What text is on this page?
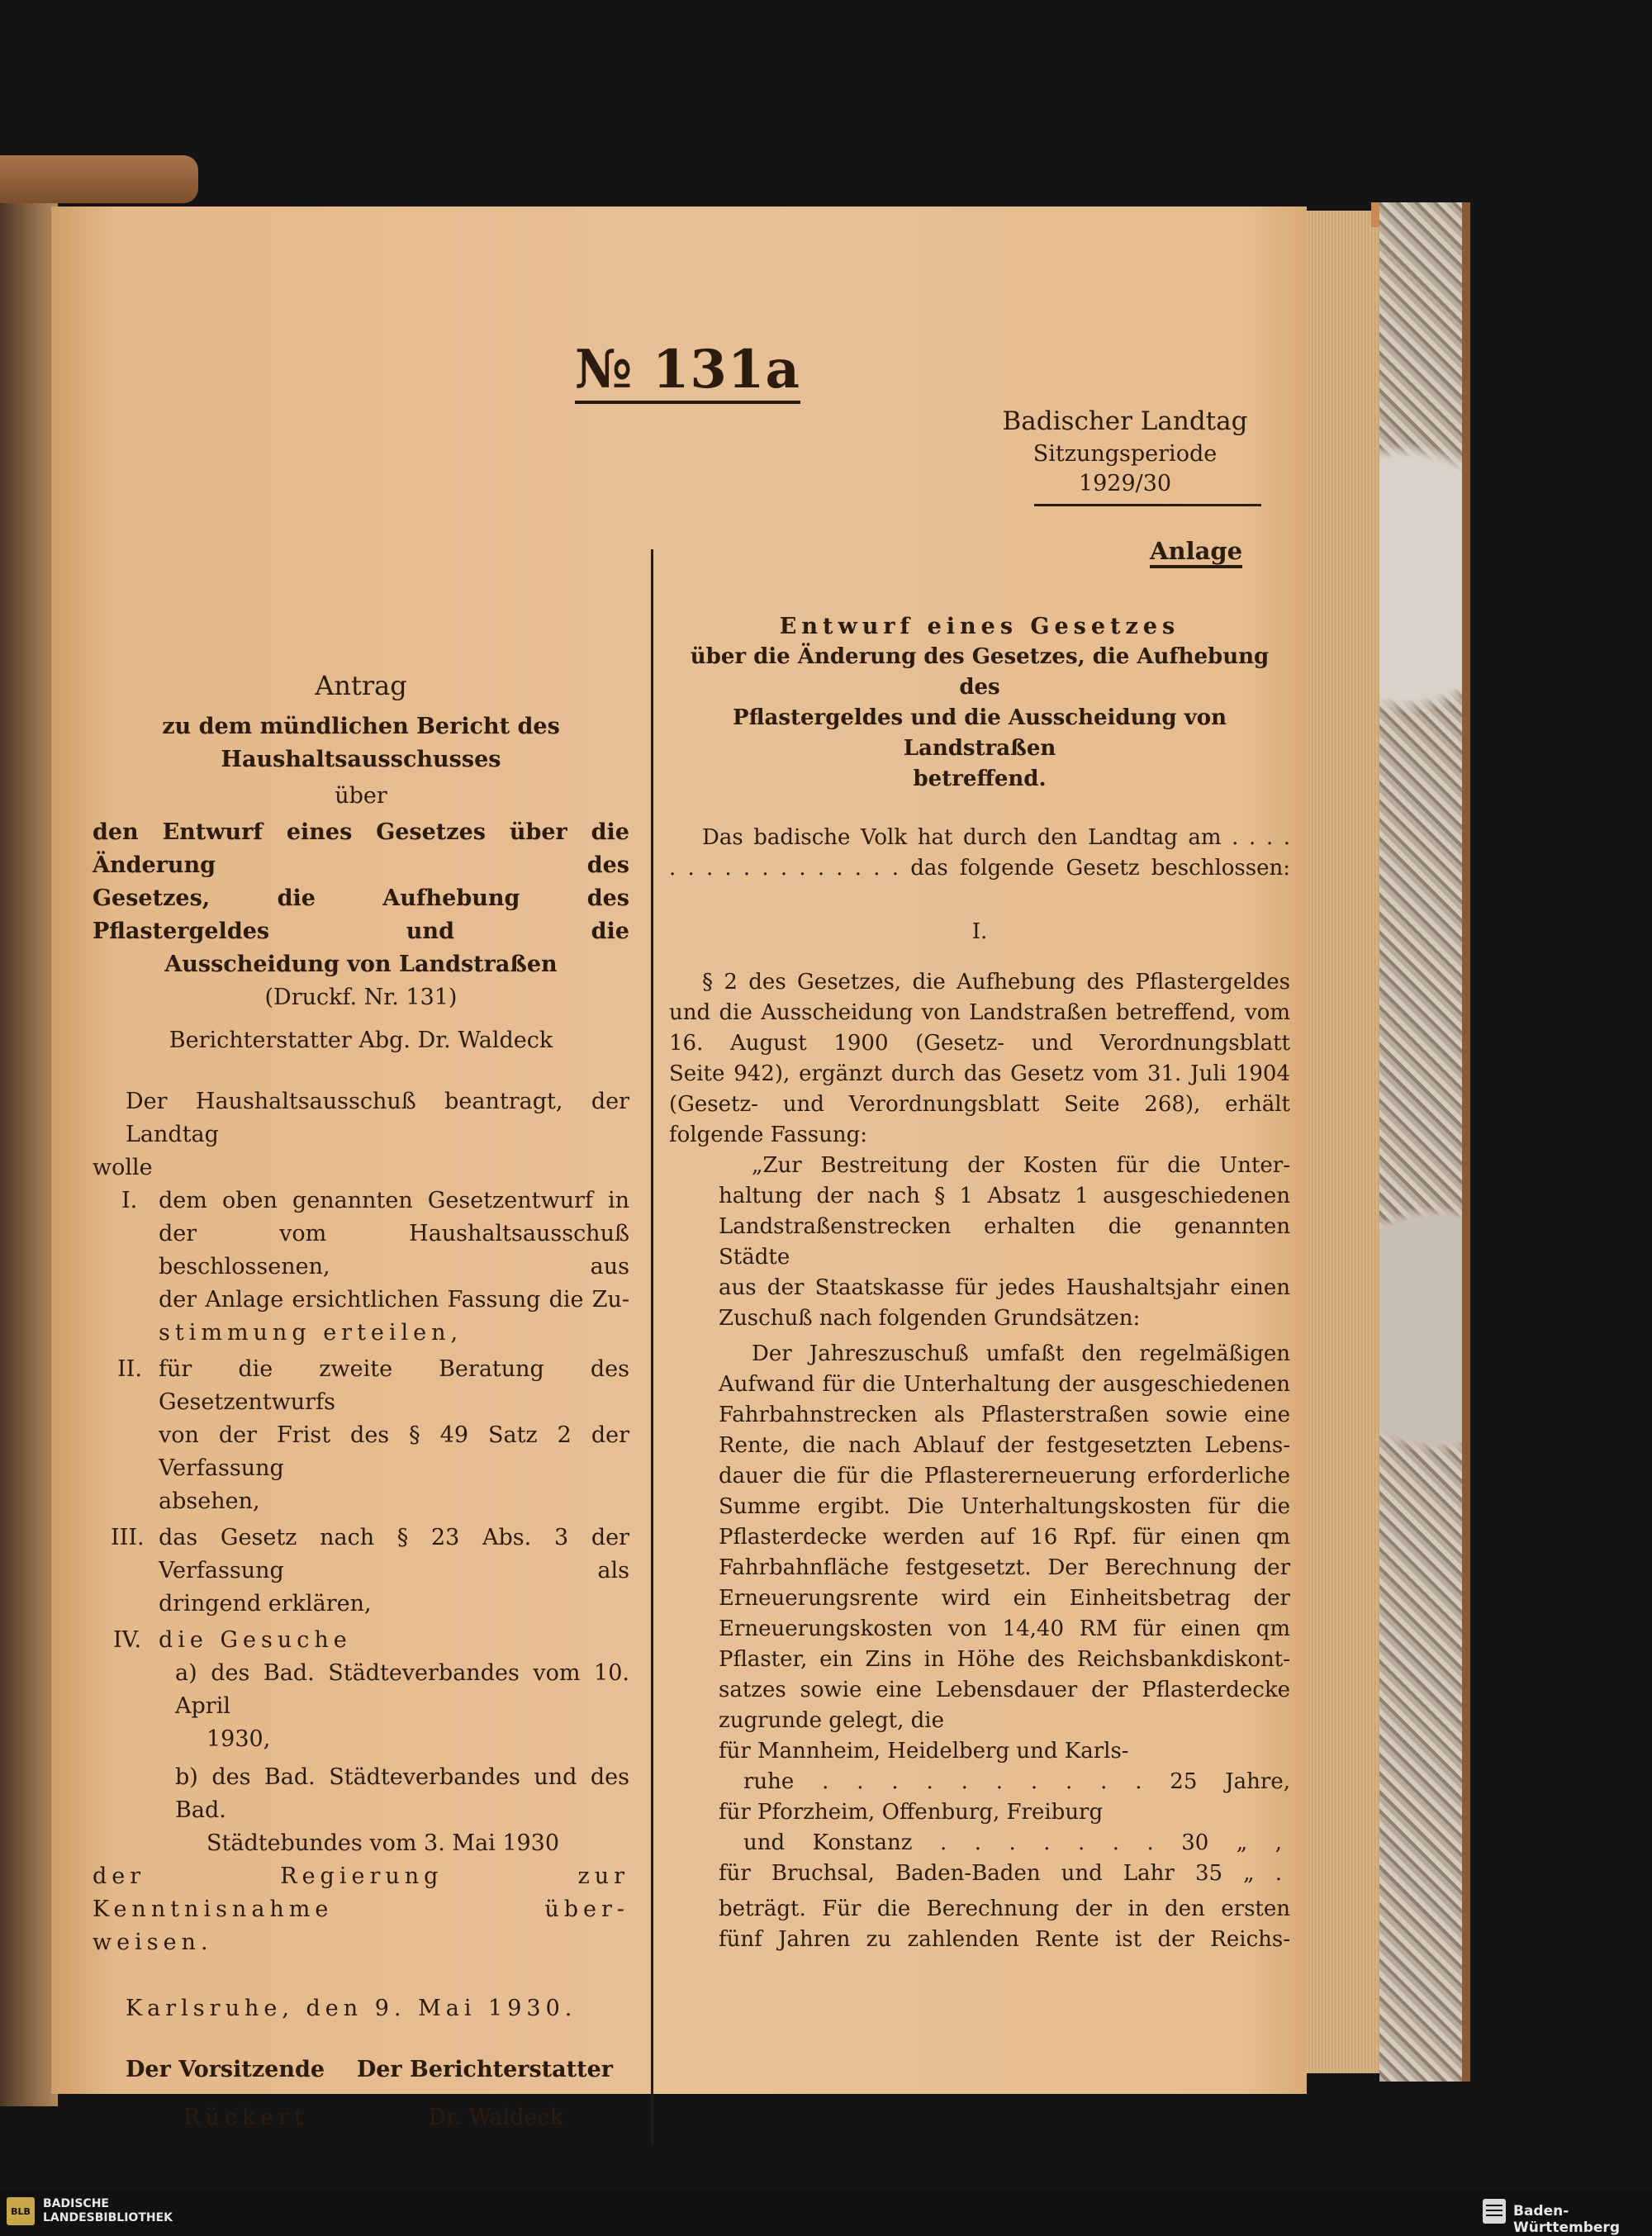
№ 131a
Badischer Landtag
Sitzungsperiode
1929/30
Anlage
Antrag
zu dem mündlichen Bericht des Haushaltsausschusses
über
den Entwurf eines Gesetzes über die Änderung des
Gesetzes, die Aufhebung des Pflastergeldes und die
Ausscheidung von Landstraßen
(Druckf. Nr. 131)
Berichterstatter Abg. Dr. Waldeck
Der Haushaltsausschuß beantragt, der Landtag
wolle
I. dem oben genannten Gesetzentwurf in
der vom Haushaltsausschuß beschlossenen, aus
der Anlage ersichtlichen Fassung die Zu-
stimmung erteilen,
II. für die zweite Beratung des Gesetzentwurfs
von der Frist des § 49 Satz 2 der Verfassung
absehen,
III. das Gesetz nach § 23 Abs. 3 der Verfassung als
dringend erklären,
IV. die Gesuche
a) des Bad. Städteverbandes vom 10. April
1930,
b) des Bad. Städteverbandes und des Bad.
Städtebundes vom 3. Mai 1930
der Regierung zur Kenntnisnahme über-
weisen.
Karlsruhe, den 9. Mai 1930.
Der Vorsitzende Der Berichterstatter
Rückert	Dr. Waldeck
Entwurf eines Gesetzes
über die Änderung des Gesetzes, die Aufhebung des
Pflastergeldes und die Ausscheidung von Landstraßen
betreffend.
Das badische Volk hat durch den Landtag am . . . .
. . . . . . . . . . . . . das folgende Gesetz beschlossen:
I.
§ 2 des Gesetzes, die Aufhebung des Pflastergeldes
und die Ausscheidung von Landstraßen betreffend, vom
16. August 1900 (Gesetz- und Verordnungsblatt
Seite 942), ergänzt durch das Gesetz vom 31. Juli 1904
(Gesetz- und Verordnungsblatt Seite 268), erhält
folgende Fassung:
„Zur Bestreitung der Kosten für die Unter-
haltung der nach § 1 Absatz 1 ausgeschiedenen
Landstraßenstrecken erhalten die genannten Städte
aus der Staatskasse für jedes Haushaltsjahr einen
Zuschuß nach folgenden Grundsätzen:
Der Jahreszuschuß umfaßt den regelmäßigen
Aufwand für die Unterhaltung der ausgeschiedenen
Fahrbahnstrecken als Pflasterstraßen sowie eine
Rente, die nach Ablauf der festgesetzten Lebens-
dauer die für die Pflastererneuerung erforderliche
Summe ergibt. Die Unterhaltungskosten für die
Pflasterdecke werden auf 16 Rpf. für einen qm
Fahrbahnfläche festgesetzt. Der Berechnung der
Erneuerungsrente wird ein Einheitsbetrag der
Erneuerungskosten von 14,40 RM für einen qm
Pflaster, ein Zins in Höhe des Reichsbankdiskont-
satzes sowie eine Lebensdauer der Pflasterdecke
zugrunde gelegt, die
für Mannheim, Heidelberg und Karls-
ruhe . . . . . . . . . . 25 Jahre,
für Pforzheim, Offenburg, Freiburg
und Konstanz . . . . . . . 30 „ ,
für Bruchsal, Baden-Baden und Lahr 35 „ .
beträgt. Für die Berechnung der in den ersten
fünf Jahren zu zahlenden Rente ist der Reichs-
BLB
BADISCHE
LANDESBIBLIOTHEK	Baden-Württemberg
